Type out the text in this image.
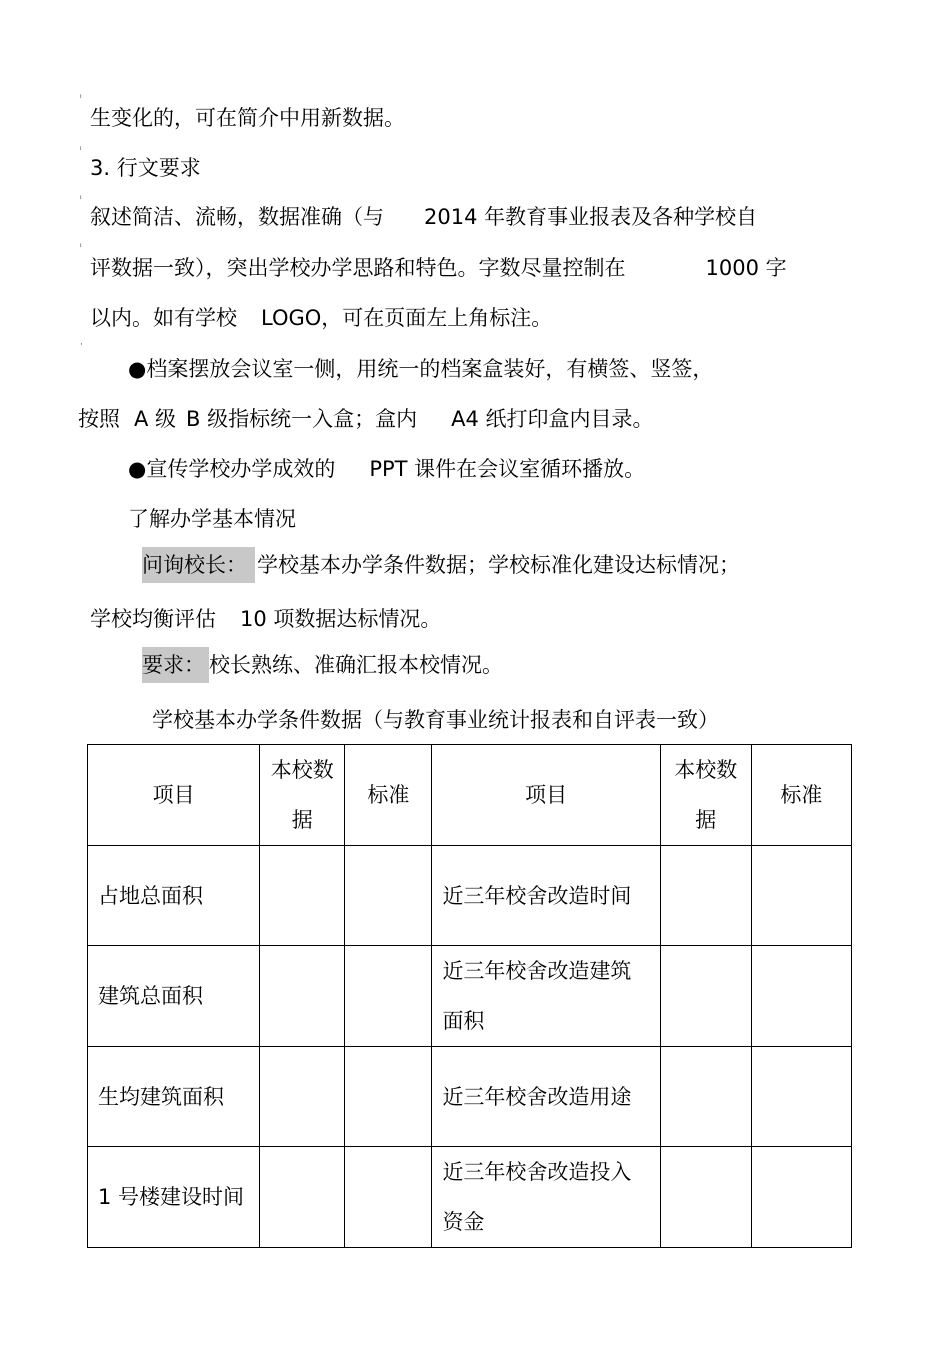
ⁱ
ⁱ
ⁱ
ⁱ
·
生变化的，可在简介中用新数据。
3. 行文要求
叙述简洁、流畅，数据准确（与 2014 年教育事业报表及各种学校自
评数据一致），突出学校办学思路和特色。字数尽量控制在	1000 字
以内。如有学校 LOGO，可在页面左上角标注。
●档案摆放会议室一侧，用统一的档案盒装好，有横签、竖签，
按照 A 级 B 级指标统一入盒；盒内 A4 纸打印盒内目录。
●宣传学校办学成效的 PPT 课件在会议室循环播放。
了解办学基本情况
问询校长： 学校基本办学条件数据；学校标准化建设达标情况；
学校均衡评估 10 项数据达标情况。
要求： 校长熟练、准确汇报本校情况。
学校基本办学条件数据（与教育事业统计报表和自评表一致）
项目	本校数据	标准	项目	本校数据	标准
占地总面积			近三年校舍改造时间		
建筑总面积			近三年校舍改造建筑面积		
生均建筑面积			近三年校舍改造用途		
1 号楼建设时间			近三年校舍改造投入资金		
